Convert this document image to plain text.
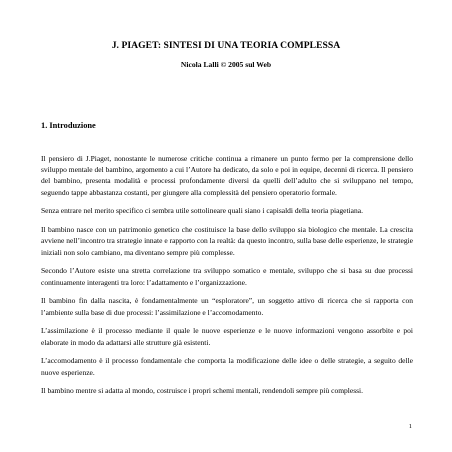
J. PIAGET: SINTESI DI UNA TEORIA COMPLESSA
Nicola Lalli © 2005 sul Web
1. Introduzione

Il pensiero di J.Piaget, nonostante le numerose critiche continua a rimanere un punto fermo per la comprensione dello sviluppo mentale del bambino, argomento a cui l’Autore ha dedicato, da solo e poi in equipe, decenni di ricerca. Il pensiero del bambino, presenta modalità e processi profondamente diversi da quelli dell’adulto che si sviluppano nel tempo, seguendo tappe abbastanza costanti, per giungere alla complessità del pensiero operatorio formale.

Senza entrare nel merito specifico ci sembra utile sottolineare quali siano i capisaldi della teoria piagetiana.

Il bambino nasce con un patrimonio genetico che costituisce la base dello sviluppo sia biologico che mentale. La crescita avviene nell’incontro tra strategie innate e rapporto con la realtà: da questo incontro, sulla base delle esperienze, le strategie iniziali non solo cambiano, ma diventano sempre più complesse.

Secondo l’Autore esiste una stretta correlazione tra sviluppo somatico e mentale, sviluppo che si basa su due processi continuamente interagenti tra loro: l’adattamento e l’organizzazione.

Il bambino fin dalla nascita, è fondamentalmente un “esploratore”, un soggetto attivo di ricerca che si rapporta con l’ambiente sulla base di due processi: l’assimilazione e l’accomodamento.

L’assimilazione è il processo mediante il quale le nuove esperienze e le nuove informazioni vengono assorbite e poi elaborate in modo da adattarsi alle strutture già esistenti.

L’accomodamento è il processo fondamentale che comporta la modificazione delle idee o delle strategie, a seguito delle nuove esperienze.

Il bambino mentre si adatta al mondo, costruisce i propri schemi mentali, rendendoli sempre più complessi.

1
